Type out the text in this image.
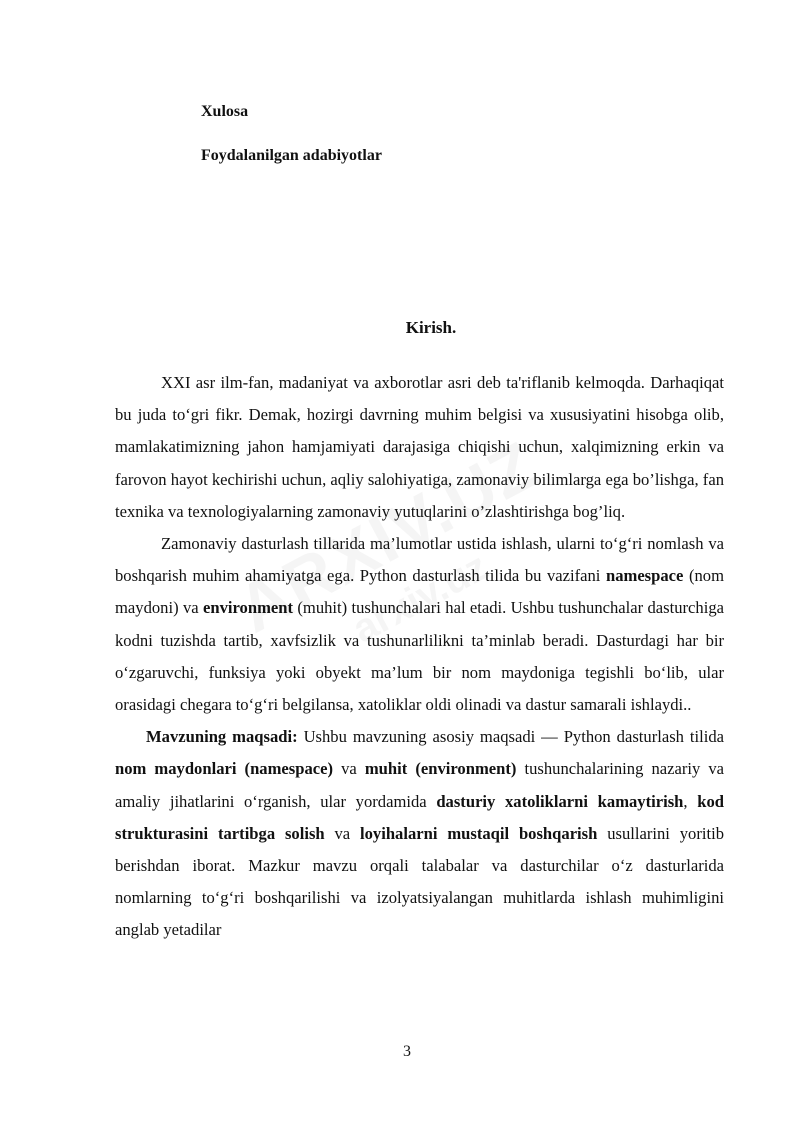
Xulosa
Foydalanilgan adabiyotlar
Kirish.

XXI asr ilm-fan, madaniyat va axborotlar asri deb ta'riflanib kelmoqda. Darhaqiqat bu juda toʻgri fikr. Demak, hozirgi davrning muhim belgisi va xususiyatini hisobga olib, mamlakatimizning jahon hamjamiyati darajasiga chiqishi uchun, xalqimizning erkin va farovon hayot kechirishi uchun, aqliy salohiyatiga, zamonaviy bilimlarga ega bo’lishga, fan texnika va texnologiyalarning zamonaviy yutuqlarini o’zlashtirishga bog’liq.

Zamonaviy dasturlash tillarida ma’lumotlar ustida ishlash, ularni to‘g‘ri nomlash va boshqarish muhim ahamiyatga ega. Python dasturlash tilida bu vazifani namespace (nom maydoni) va environment (muhit) tushunchalari hal etadi. Ushbu tushunchalar dasturchiga kodni tuzishda tartib, xavfsizlik va tushunarlilikni ta’minlab beradi. Dasturdagi har bir o‘zgaruvchi, funksiya yoki obyekt ma’lum bir nom maydoniga tegishli bo‘lib, ular orasidagi chegara to‘g‘ri belgilansa, xatoliklar oldi olinadi va dastur samarali ishlaydi..

Mavzuning maqsadi: Ushbu mavzuning asosiy maqsadi — Python dasturlash tilida nom maydonlari (namespace) va muhit (environment) tushunchalarining nazariy va amaliy jihatlarini o‘rganish, ular yordamida dasturiy xatoliklarni kamaytirish, kod strukturasini tartibga solish va loyihalarni mustaqil boshqarish usullarini yoritib berishdan iborat. Mazkur mavzu orqali talabalar va dasturchilar o‘z dasturlarida nomlarning to‘g‘ri boshqarilishi va izolyatsiyalangan muhitlarda ishlash muhimligini anglab yetadilar

3
